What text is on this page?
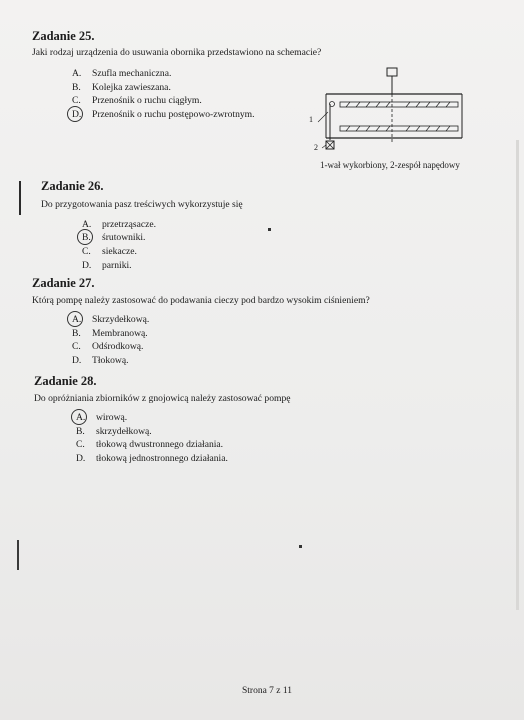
Zadanie 25.
Jaki rodzaj urządzenia do usuwania obornika przedstawiono na schemacie?
A. Szufla mechaniczna.
B. Kolejka zawieszana.
C. Przenośnik o ruchu ciągłym.
D. Przenośnik o ruchu postępowo-zwrotnym.	1
2
1-wał wykorbiony, 2-zespół napędowy
Zadanie 26.
Do przygotowania pasz treściwych wykorzystuje się
A. przetrząsacze.
B. śrutowniki.
C. siekacze.
D. parniki.
Zadanie 27.
Którą pompę należy zastosować do podawania cieczy pod bardzo wysokim ciśnieniem?
A. Skrzydełkową.
B. Membranową.
C. Odśrodkową.
D. Tłokową.
Zadanie 28.
Do opróżniania zbiorników z gnojowicą należy zastosować pompę
A. wirową.
B. skrzydełkową.
C. tłokową dwustronnego działania.
D. tłokową jednostronnego działania.
Strona 7 z 11
